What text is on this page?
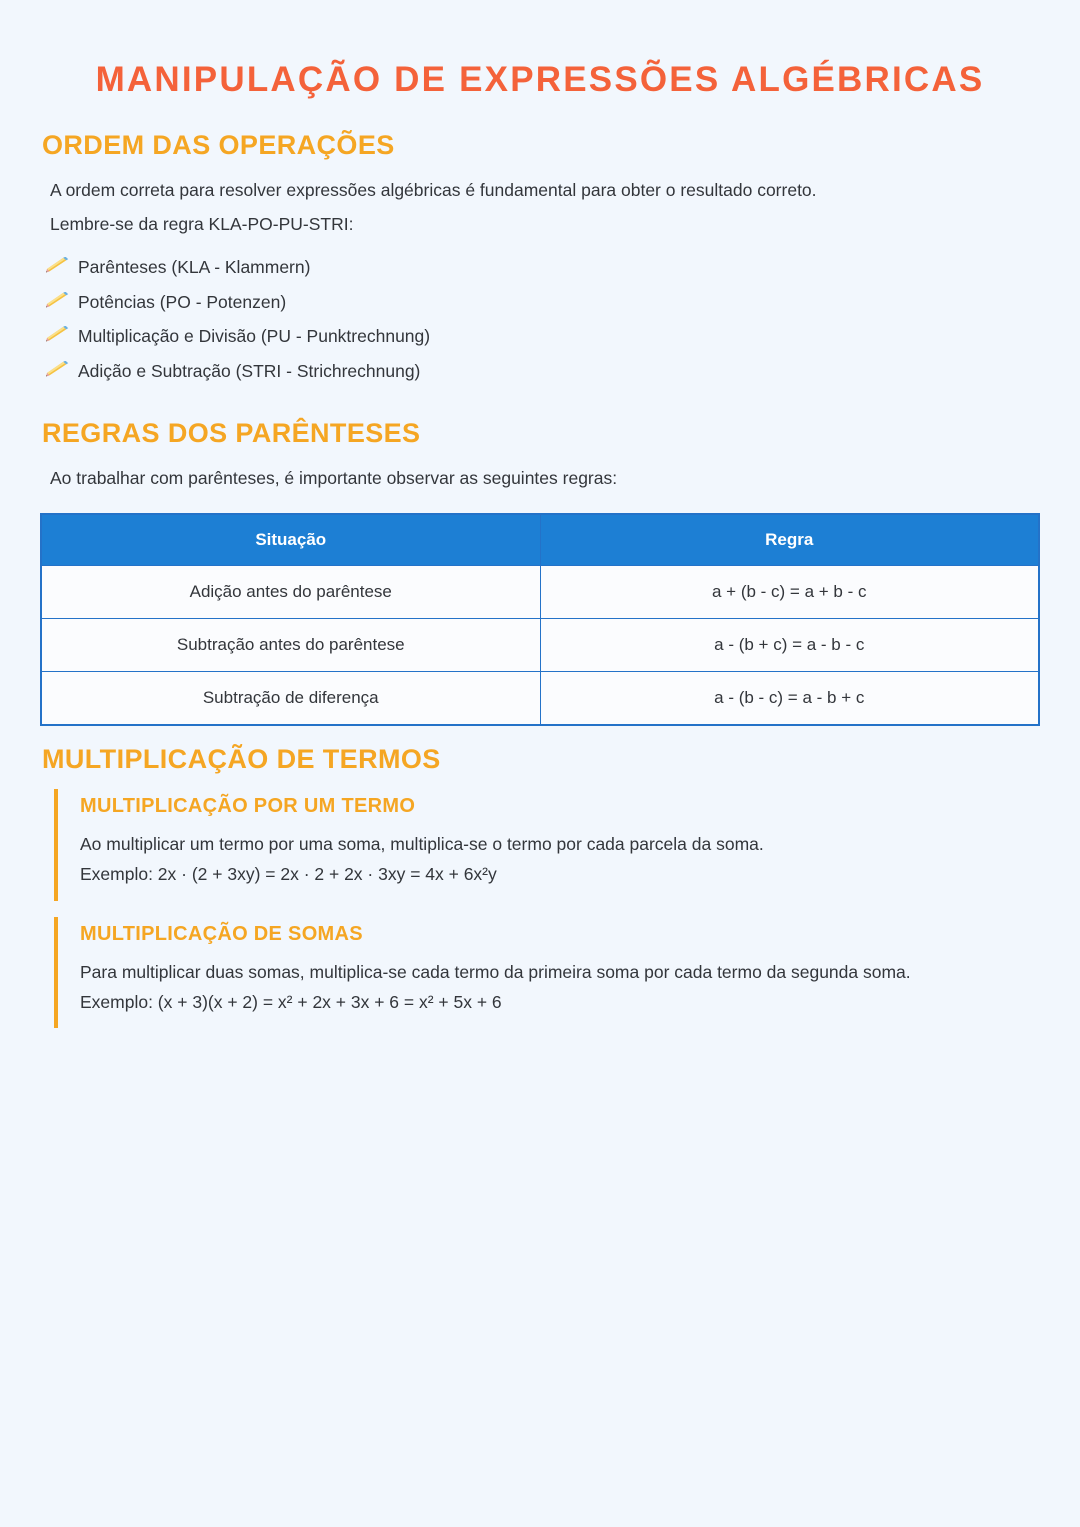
MANIPULAÇÃO DE EXPRESSÕES ALGÉBRICAS
ORDEM DAS OPERAÇÕES

A ordem correta para resolver expressões algébricas é fundamental para obter o resultado correto.

Lembre-se da regra KLA-PO-PU-STRI:

Parênteses (KLA - Klammern)
Potências (PO - Potenzen)
Multiplicação e Divisão (PU - Punktrechnung)
Adição e Subtração (STRI - Strichrechnung)
REGRAS DOS PARÊNTESES

Ao trabalhar com parênteses, é importante observar as seguintes regras:

Situação	Regra
Adição antes do parêntese	a + (b - c) = a + b - c
Subtração antes do parêntese	a - (b + c) = a - b - c
Subtração de diferença	a - (b - c) = a - b + c
MULTIPLICAÇÃO DE TERMOS
MULTIPLICAÇÃO POR UM TERMO

Ao multiplicar um termo por uma soma, multiplica-se o termo por cada parcela da soma.

Exemplo: 2x · (2 + 3xy) = 2x · 2 + 2x · 3xy = 4x + 6x²y

MULTIPLICAÇÃO DE SOMAS

Para multiplicar duas somas, multiplica-se cada termo da primeira soma por cada termo da segunda soma.

Exemplo: (x + 3)(x + 2) = x² + 2x + 3x + 6 = x² + 5x + 6
